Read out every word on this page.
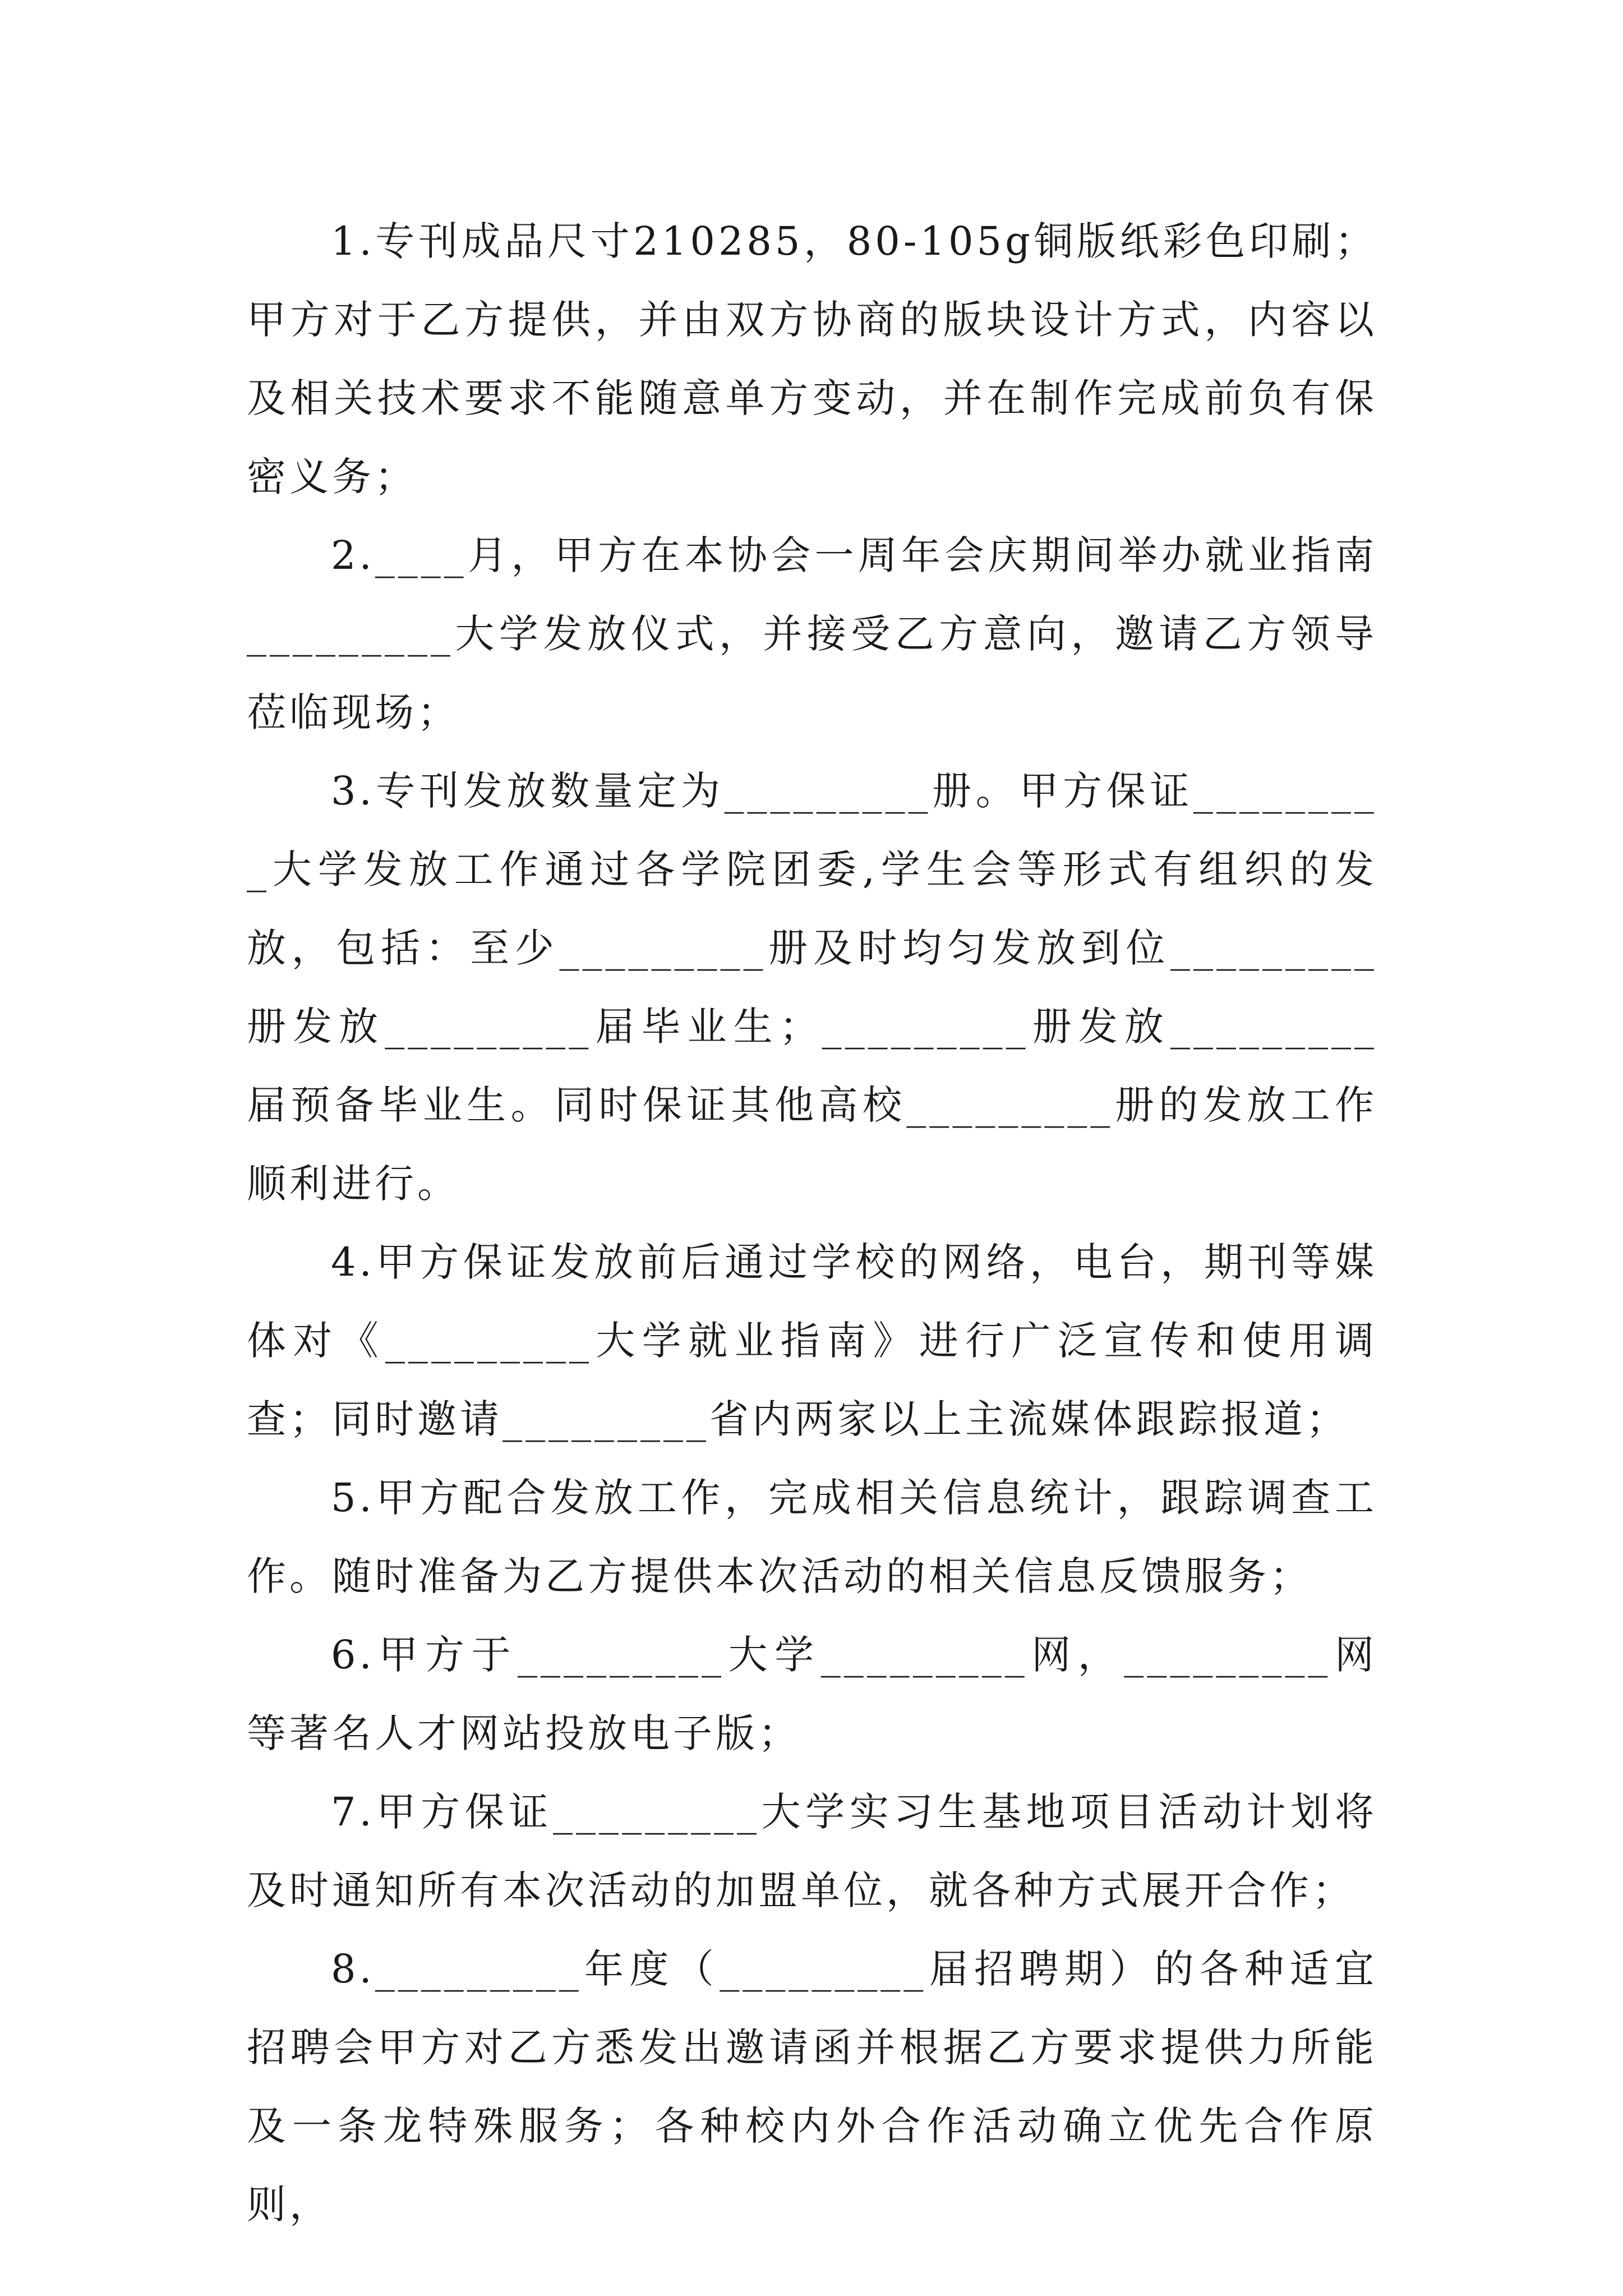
1.专刊成品尺寸210285，80-105g铜版纸彩色印刷；甲方对于乙方提供，并由双方协商的版块设计方式，内容以及相关技术要求不能随意单方变动，并在制作完成前负有保密义务；

2.____月，甲方在本协会一周年会庆期间举办就业指南_________大学发放仪式，并接受乙方意向，邀请乙方领导莅临现场；

3.专刊发放数量定为_________册。甲方保证_________大学发放工作通过各学院团委,学生会等形式有组织的发放，包括：至少_________册及时均匀发放到位_________册发放_________届毕业生；_________册发放_________届预备毕业生。同时保证其他高校_________册的发放工作顺利进行。

4.甲方保证发放前后通过学校的网络，电台，期刊等媒体对《_________大学就业指南》进行广泛宣传和使用调查；同时邀请_________省内两家以上主流媒体跟踪报道；

5.甲方配合发放工作，完成相关信息统计，跟踪调查工作。随时准备为乙方提供本次活动的相关信息反馈服务；

6.甲方于_________大学_________网，_________网等著名人才网站投放电子版；

7.甲方保证_________大学实习生基地项目活动计划将及时通知所有本次活动的加盟单位，就各种方式展开合作；

8._________年度（_________届招聘期）的各种适宜招聘会甲方对乙方悉发出邀请函并根据乙方要求提供力所能及一条龙特殊服务；各种校内外合作活动确立优先合作原则，
